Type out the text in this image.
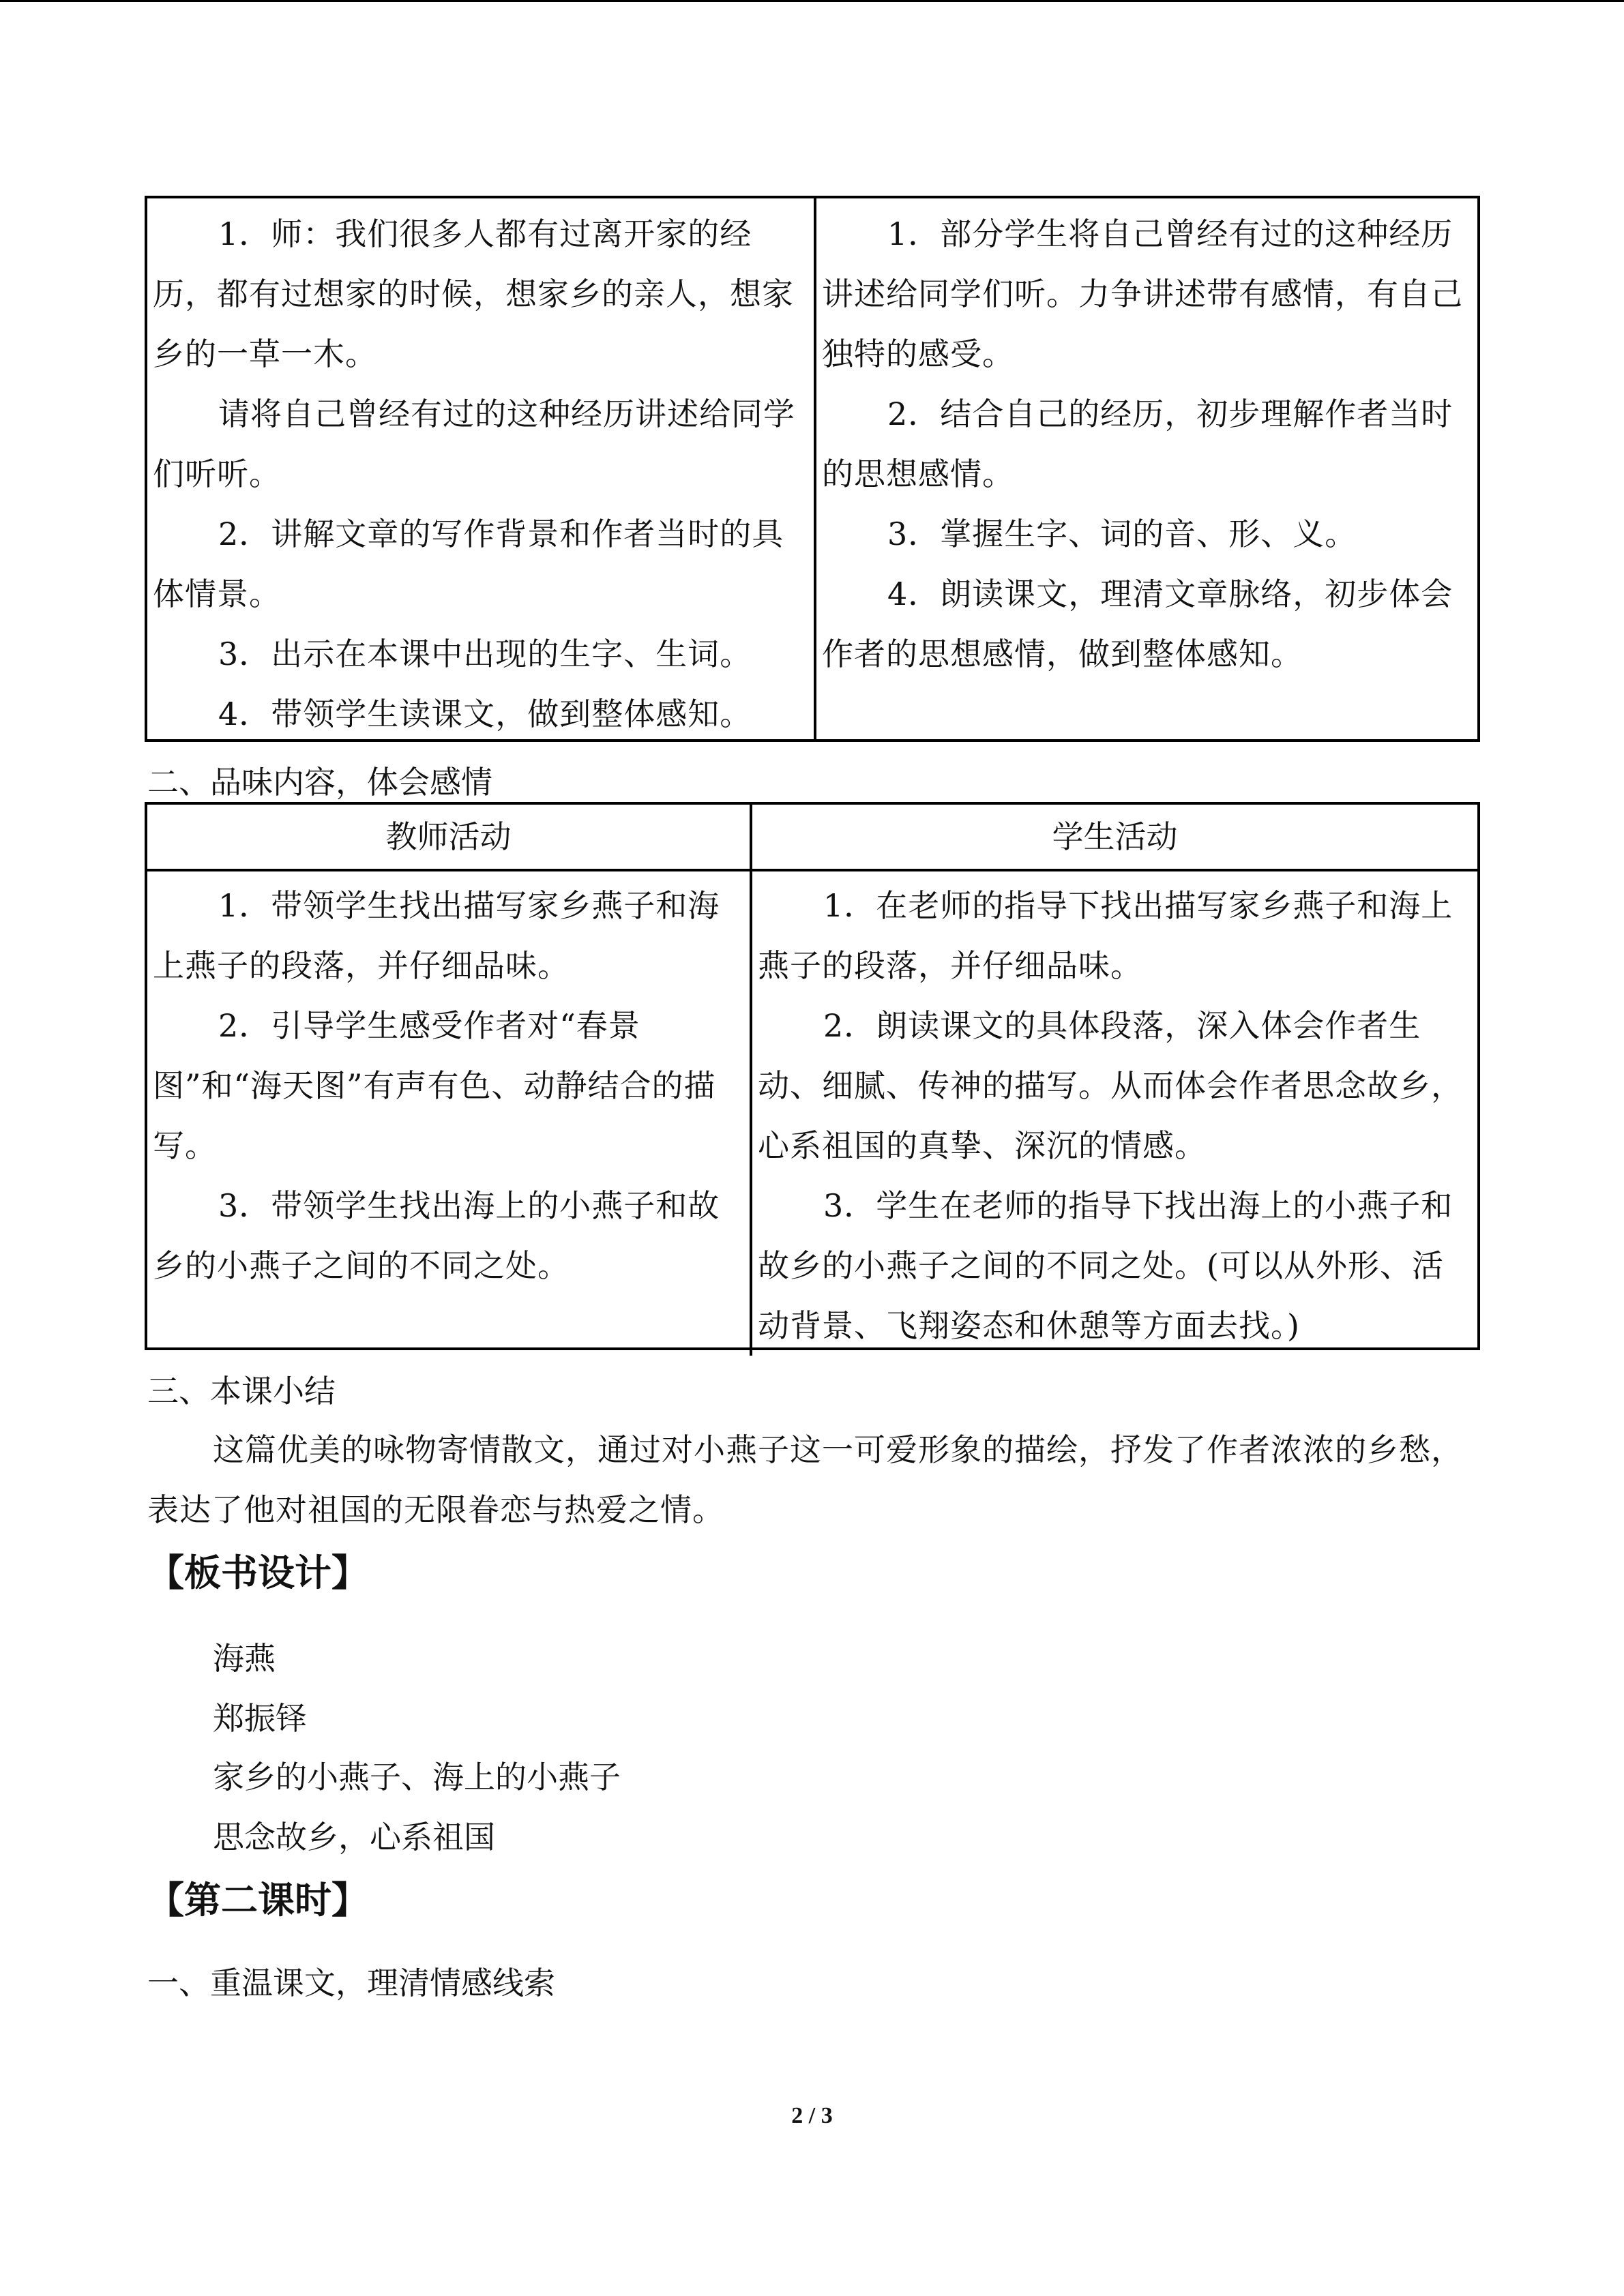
1．师：我们很多人都有过离开家的经历，都有过想家的时候，想家乡的亲人，想家乡的一草一木。

请将自己曾经有过的这种经历讲述给同学们听听。

2．讲解文章的写作背景和作者当时的具体情景。

3．出示在本课中出现的生字、生词。

4．带领学生读课文，做到整体感知。

1．部分学生将自己曾经有过的这种经历讲述给同学们听。力争讲述带有感情，有自己独特的感受。

2．结合自己的经历，初步理解作者当时的思想感情。

3．掌握生字、词的音、形、义。

4．朗读课文，理清文章脉络，初步体会作者的思想感情，做到整体感知。

二、品味内容，体会感情

教师活动	学生活动

1．带领学生找出描写家乡燕子和海上燕子的段落，并仔细品味。

2．引导学生感受作者对“春景图”和“海天图”有声有色、动静结合的描写。

3．带领学生找出海上的小燕子和故乡的小燕子之间的不同之处。

1．在老师的指导下找出描写家乡燕子和海上燕子的段落，并仔细品味。

2．朗读课文的具体段落，深入体会作者生动、细腻、传神的描写。从而体会作者思念故乡，心系祖国的真挚、深沉的情感。

3．学生在老师的指导下找出海上的小燕子和故乡的小燕子之间的不同之处。(可以从外形、活动背景、飞翔姿态和休憩等方面去找。)

三、本课小结

这篇优美的咏物寄情散文，通过对小燕子这一可爱形象的描绘，抒发了作者浓浓的乡愁，表达了他对祖国的无限眷恋与热爱之情。

【板书设计】

海燕

郑振铎

家乡的小燕子、海上的小燕子

思念故乡，心系祖国

【第二课时】

一、重温课文，理清情感线索

2 / 3
